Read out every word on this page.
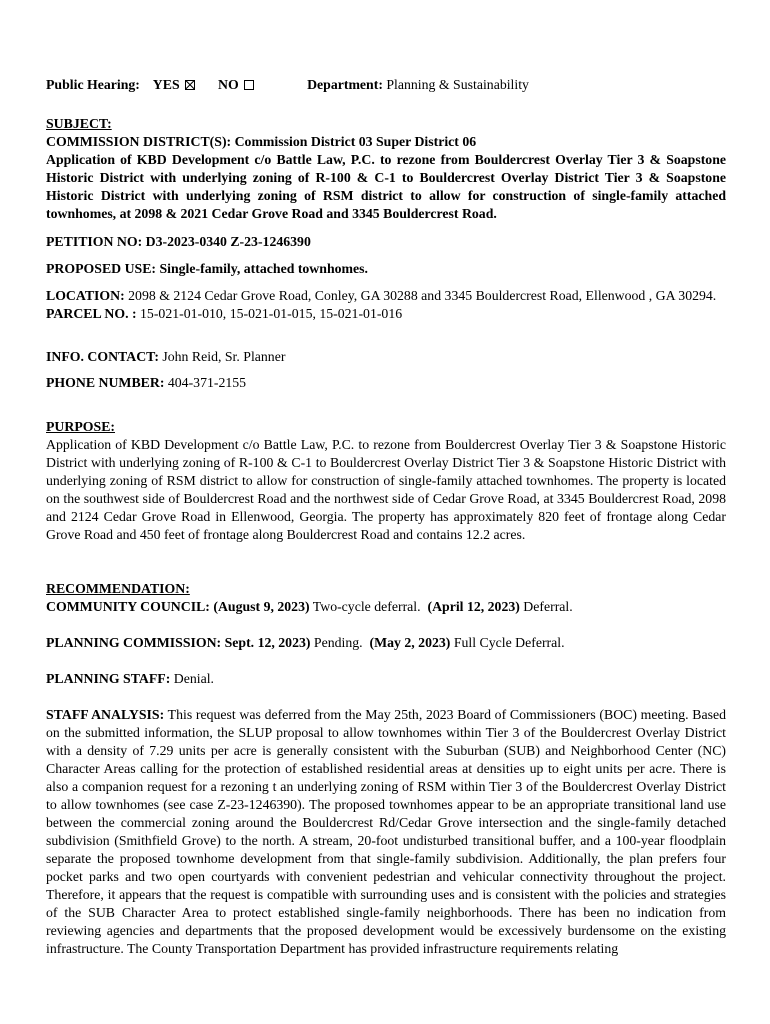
Public Hearing: YES	NO	Department: Planning & Sustainability

SUBJECT:

COMMISSION DISTRICT(S): Commission District 03 Super District 06

Application of KBD Development c/o Battle Law, P.C. to rezone from Bouldercrest Overlay Tier 3 & Soapstone Historic District with underlying zoning of R-100 & C-1 to Bouldercrest Overlay District Tier 3 & Soapstone Historic District with underlying zoning of RSM district to allow for construction of single-family attached townhomes, at 2098 & 2021 Cedar Grove Road and 3345 Bouldercrest Road.

PETITION NO: D3-2023-0340 Z-23-1246390
PROPOSED USE: Single-family, attached townhomes.

LOCATION: 2098 & 2124 Cedar Grove Road, Conley, GA 30288 and 3345 Bouldercrest Road, Ellenwood , GA 30294.

PARCEL NO. : 15-021-01-010, 15-021-01-015, 15-021-01-016

INFO. CONTACT: John Reid, Sr. Planner
PHONE NUMBER: 404-371-2155

PURPOSE:

Application of KBD Development c/o Battle Law, P.C. to rezone from Bouldercrest Overlay Tier 3 & Soapstone Historic District with underlying zoning of R-100 & C-1 to Bouldercrest Overlay District Tier 3 & Soapstone Historic District with underlying zoning of RSM district to allow for construction of single-family attached townhomes. The property is located on the southwest side of Bouldercrest Road and the northwest side of Cedar Grove Road, at 3345 Bouldercrest Road, 2098 and 2124 Cedar Grove Road in Ellenwood, Georgia. The property has approximately 820 feet of frontage along Cedar Grove Road and 450 feet of frontage along Bouldercrest Road and contains 12.2 acres.

RECOMMENDATION:

COMMUNITY COUNCIL: (August 9, 2023) Two-cycle deferral. (April 12, 2023) Deferral.

PLANNING COMMISSION: Sept. 12, 2023) Pending. (May 2, 2023) Full Cycle Deferral.
PLANNING STAFF: Denial.

STAFF ANALYSIS: This request was deferred from the May 25th, 2023 Board of Commissioners (BOC) meeting. Based on the submitted information, the SLUP proposal to allow townhomes within Tier 3 of the Bouldercrest Overlay District with a density of 7.29 units per acre is generally consistent with the Suburban (SUB) and Neighborhood Center (NC) Character Areas calling for the protection of established residential areas at densities up to eight units per acre. There is also a companion request for a rezoning t an underlying zoning of RSM within Tier 3 of the Bouldercrest Overlay District to allow townhomes (see case Z-23-1246390). The proposed townhomes appear to be an appropriate transitional land use between the commercial zoning around the Bouldercrest Rd/Cedar Grove intersection and the single-family detached subdivision (Smithfield Grove) to the north. A stream, 20-foot undisturbed transitional buffer, and a 100-year floodplain separate the proposed townhome development from that single-family subdivision. Additionally, the plan prefers four pocket parks and two open courtyards with convenient pedestrian and vehicular connectivity throughout the project. Therefore, it appears that the request is compatible with surrounding uses and is consistent with the policies and strategies of the SUB Character Area to protect established single-family neighborhoods. There has been no indication from reviewing agencies and departments that the proposed development would be excessively burdensome on the existing infrastructure. The County Transportation Department has provided infrastructure requirements relating
